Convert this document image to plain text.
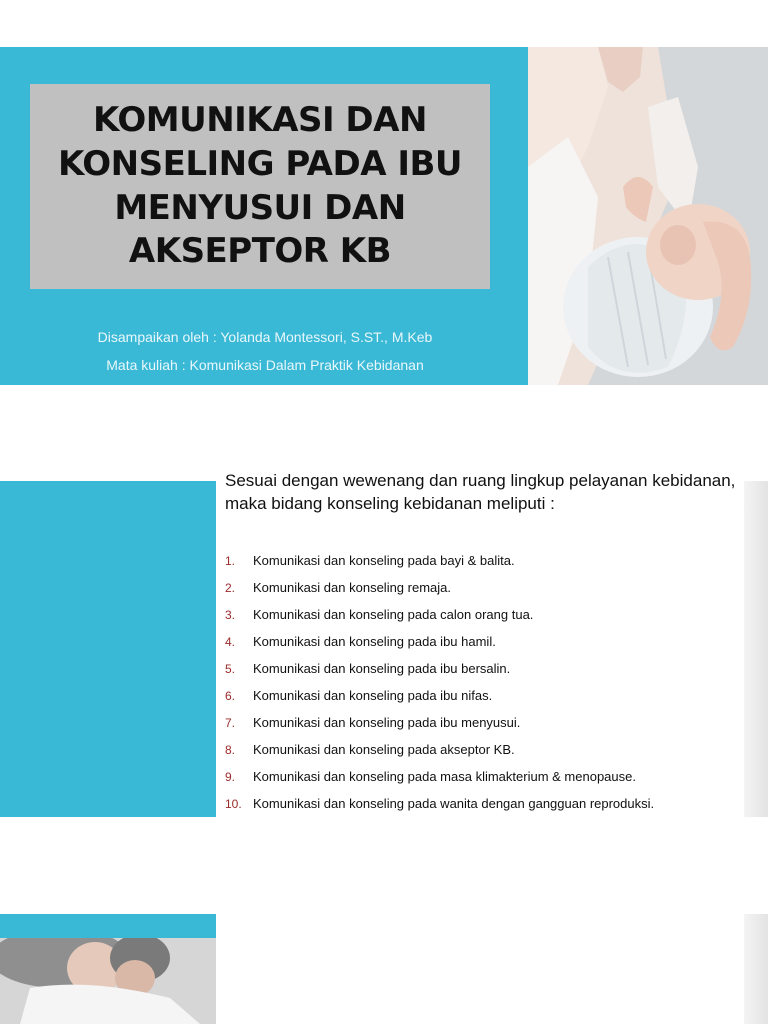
KOMUNIKASI DAN
KONSELING PADA IBU
MENYUSUI DAN
AKSEPTOR KB
Disampaikan oleh : Yolanda Montessori, S.ST., M.Keb
Mata kuliah : Komunikasi Dalam Praktik Kebidanan
Sesuai dengan wewenang dan ruang lingkup pelayanan kebidanan, maka bidang konseling kebidanan meliputi :
1.	Komunikasi dan konseling pada bayi & balita.
2.	Komunikasi dan konseling remaja.
3.	Komunikasi dan konseling pada calon orang tua.
4.	Komunikasi dan konseling pada ibu hamil.
5.	Komunikasi dan konseling pada ibu bersalin.
6.	Komunikasi dan konseling pada ibu nifas.
7.	Komunikasi dan konseling pada ibu menyusui.
8.	Komunikasi dan konseling pada akseptor KB.
9.	Komunikasi dan konseling pada masa klimakterium & menopause.
10. Komunikasi dan konseling pada wanita dengan gangguan reproduksi.
